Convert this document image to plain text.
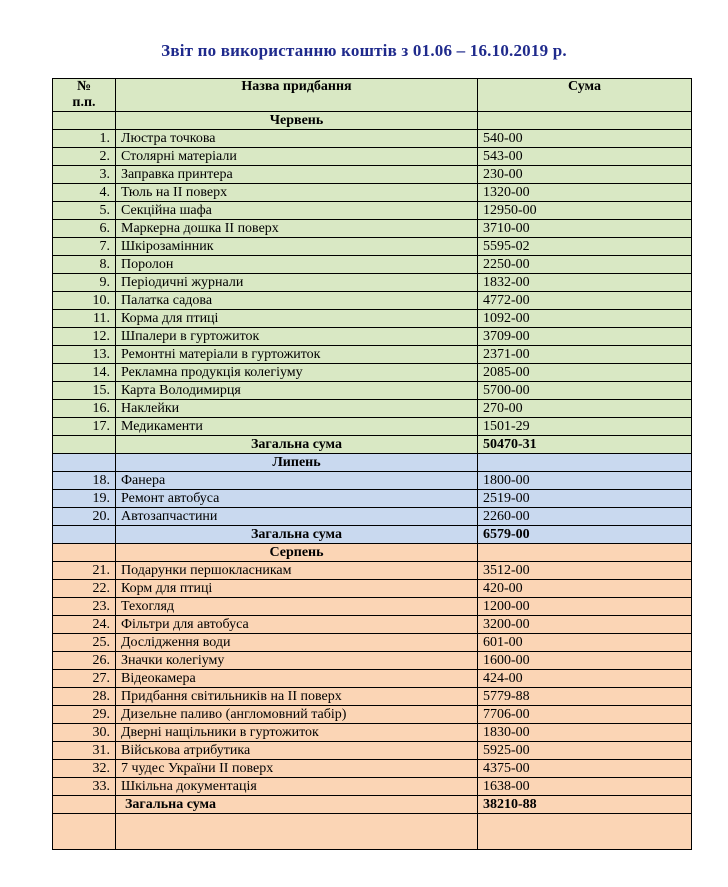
Звіт по використанню коштів з 01.06 – 16.10.2019 р.
№
п.п.	Назва придбання	Сума
	Червень	
1.	Люстра точкова	540-00
2.	Столярні матеріали	543-00
3.	Заправка принтера	230-00
4.	Тюль на ІІ поверх	1320-00
5.	Секційна шафа	12950-00
6.	Маркерна дошка ІІ поверх	3710-00
7.	Шкірозамінник	5595-02
8.	Поролон	2250-00
9.	Періодичні журнали	1832-00
10.	Палатка садова	4772-00
11.	Корма для птиці	1092-00
12.	Шпалери в гуртожиток	3709-00
13.	Ремонтні матеріали в гуртожиток	2371-00
14.	Рекламна продукція колегіуму	2085-00
15.	Карта Володимирця	5700-00
16.	Наклейки	270-00
17.	Медикаменти	1501-29
	Загальна сума	50470-31
	Липень	
18.	Фанера	1800-00
19.	Ремонт автобуса	2519-00
20.	Автозапчастини	2260-00
	Загальна сума	6579-00
	Серпень	
21.	Подарунки першокласникам	3512-00
22.	Корм для птиці	420-00
23.	Техогляд	1200-00
24.	Фільтри для автобуса	3200-00
25.	Дослідження води	601-00
26.	Значки колегіуму	1600-00
27.	Відеокамера	424-00
28.	Придбання світильників на ІІ поверх	5779-88
29.	Дизельне паливо (англомовний табір)	7706-00
30.	Дверні нащільники в гуртожиток	1830-00
31.	Військова атрибутика	5925-00
32.	7 чудес України ІІ поверх	4375-00
33.	Шкільна документація	1638-00
	Загальна сума	38210-88
